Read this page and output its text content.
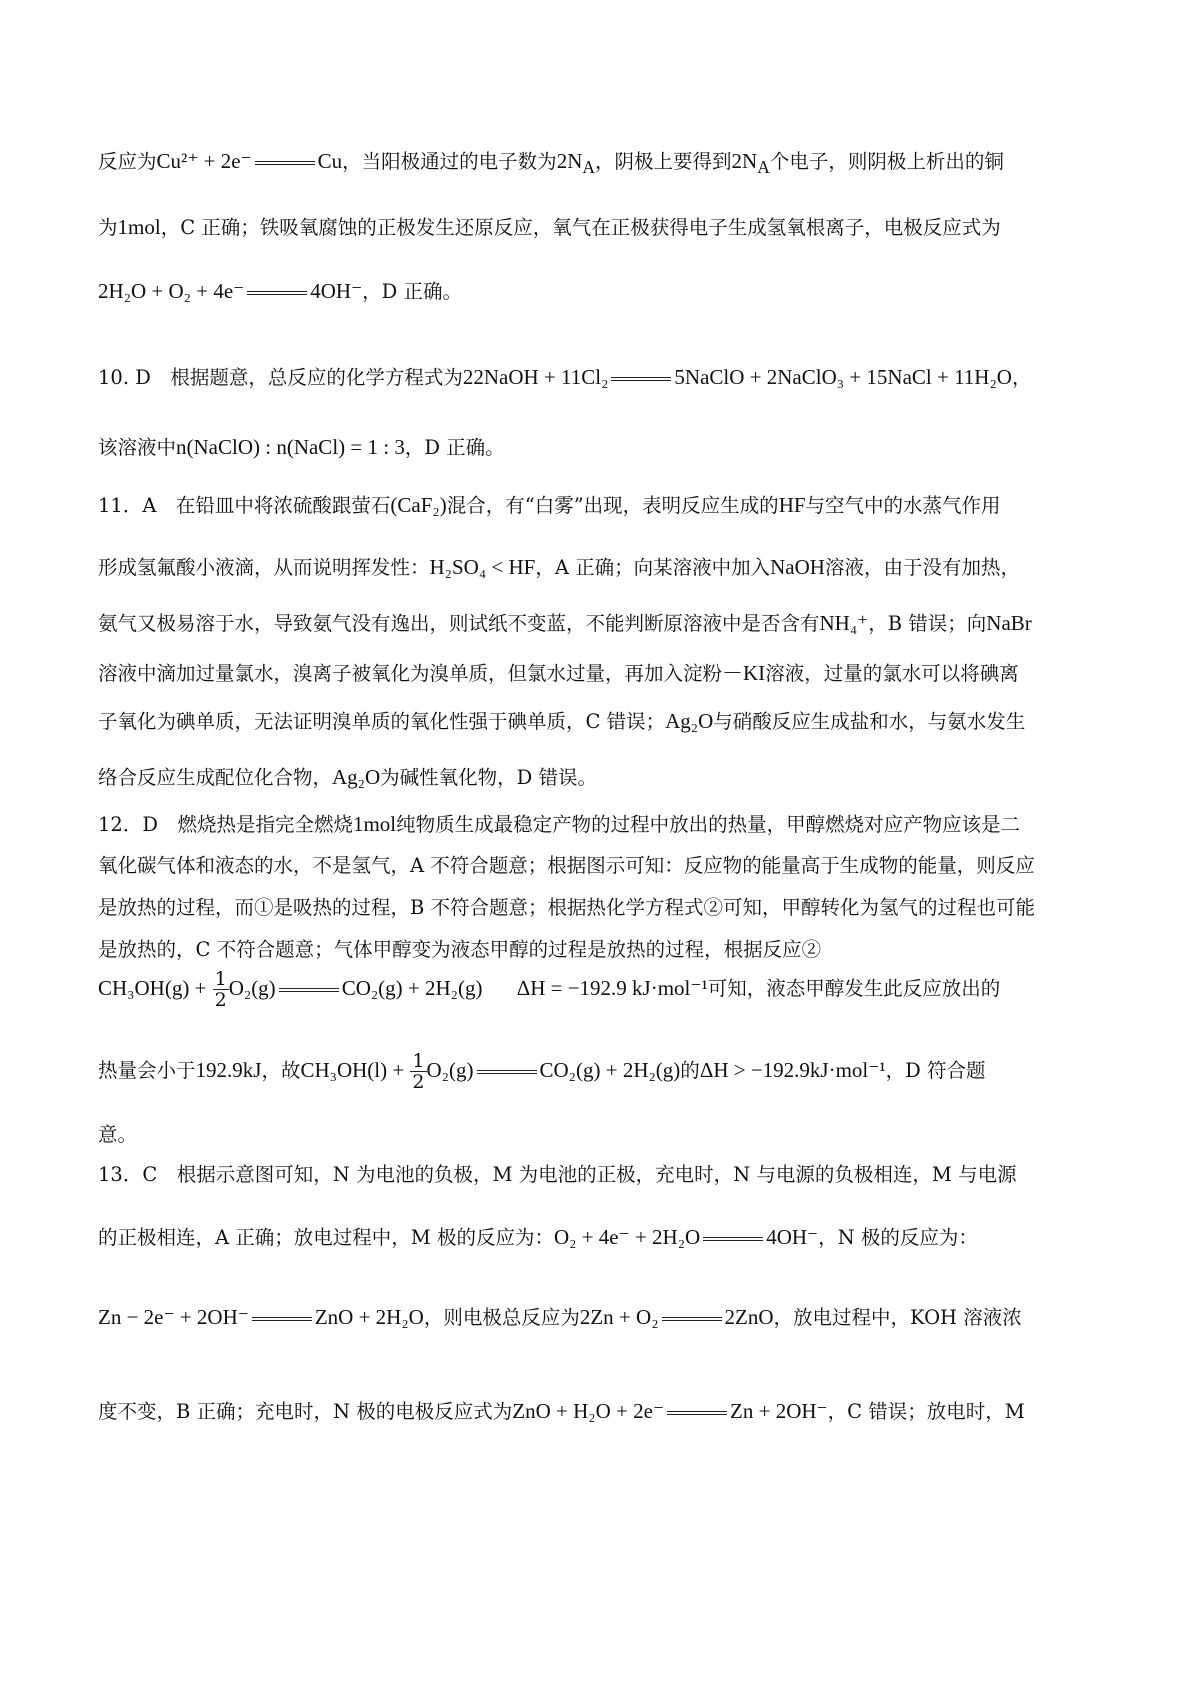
反应为Cu²⁺ + 2e⁻	Cu，当阳极通过的电子数为$2N_A$，阴极上要得到$2N_A$个电子，则阴极上析出的铜
为1mol，C 正确；铁吸氧腐蚀的正极发生还原反应，氧气在正极获得电子生成氢氧根离子，电极反应式为
2H₂O + O₂ + 4e⁻	4OH⁻，D 正确。
10. D　根据题意，总反应的化学方程式为22NaOH + 11Cl₂	5NaClO + 2NaClO₃ + 15NaCl + 11H₂O，
该溶液中n(NaClO) : n(NaCl) = 1 : 3，D 正确。
11．A　在铅皿中将浓硫酸跟萤石(CaF₂)混合，有“白雾”出现，表明反应生成的HF与空气中的水蒸气作用
形成氢氟酸小液滴，从而说明挥发性：H₂SO₄ < HF，A 正确；向某溶液中加入NaOH溶液，由于没有加热，
氨气又极易溶于水，导致氨气没有逸出，则试纸不变蓝，不能判断原溶液中是否含有NH₄⁺，B 错误；向NaBr
溶液中滴加过量氯水，溴离子被氧化为溴单质，但氯水过量，再加入淀粉－KI溶液，过量的氯水可以将碘离
子氧化为碘单质，无法证明溴单质的氧化性强于碘单质，C 错误；Ag₂O与硝酸反应生成盐和水，与氨水发生
络合反应生成配位化合物，Ag₂O为碱性氧化物，D 错误。
12．D　燃烧热是指完全燃烧1mol纯物质生成最稳定产物的过程中放出的热量，甲醇燃烧对应产物应该是二
氧化碳气体和液态的水，不是氢气，A 不符合题意；根据图示可知：反应物的能量高于生成物的能量，则反应
是放热的过程，而①是吸热的过程，B 不符合题意；根据热化学方程式②可知，甲醇转化为氢气的过程也可能
是放热的，C 不符合题意；气体甲醇变为液态甲醇的过程是放热的过程，根据反应②
$CH_3OH(g) + \frac{1}{2} O_2(g)$	CO₂(g) + 2H₂(g) ΔH = −192.9 kJ·mol⁻¹可知，液态甲醇发生此反应放出的
热量会小于192.9kJ，故$CH_3OH(l) + \frac{1}{2} O_2(g)$	CO₂(g) + 2H₂(g)的ΔH > −192.9kJ·mol⁻¹，D 符合题
意。
13．C　根据示意图可知，N 为电池的负极，M 为电池的正极，充电时，N 与电源的负极相连，M 与电源
的正极相连，A 正确；放电过程中，M 极的反应为：O₂ + 4e⁻ + 2H₂O	4OH⁻，N 极的反应为：
Zn − 2e⁻ + 2OH⁻	ZnO + 2H₂O，则电极总反应为2Zn + O₂	2ZnO，放电过程中，KOH 溶液浓
度不变，B 正确；充电时，N 极的电极反应式为ZnO + H₂O + 2e⁻	Zn + 2OH⁻，C 错误；放电时，M
